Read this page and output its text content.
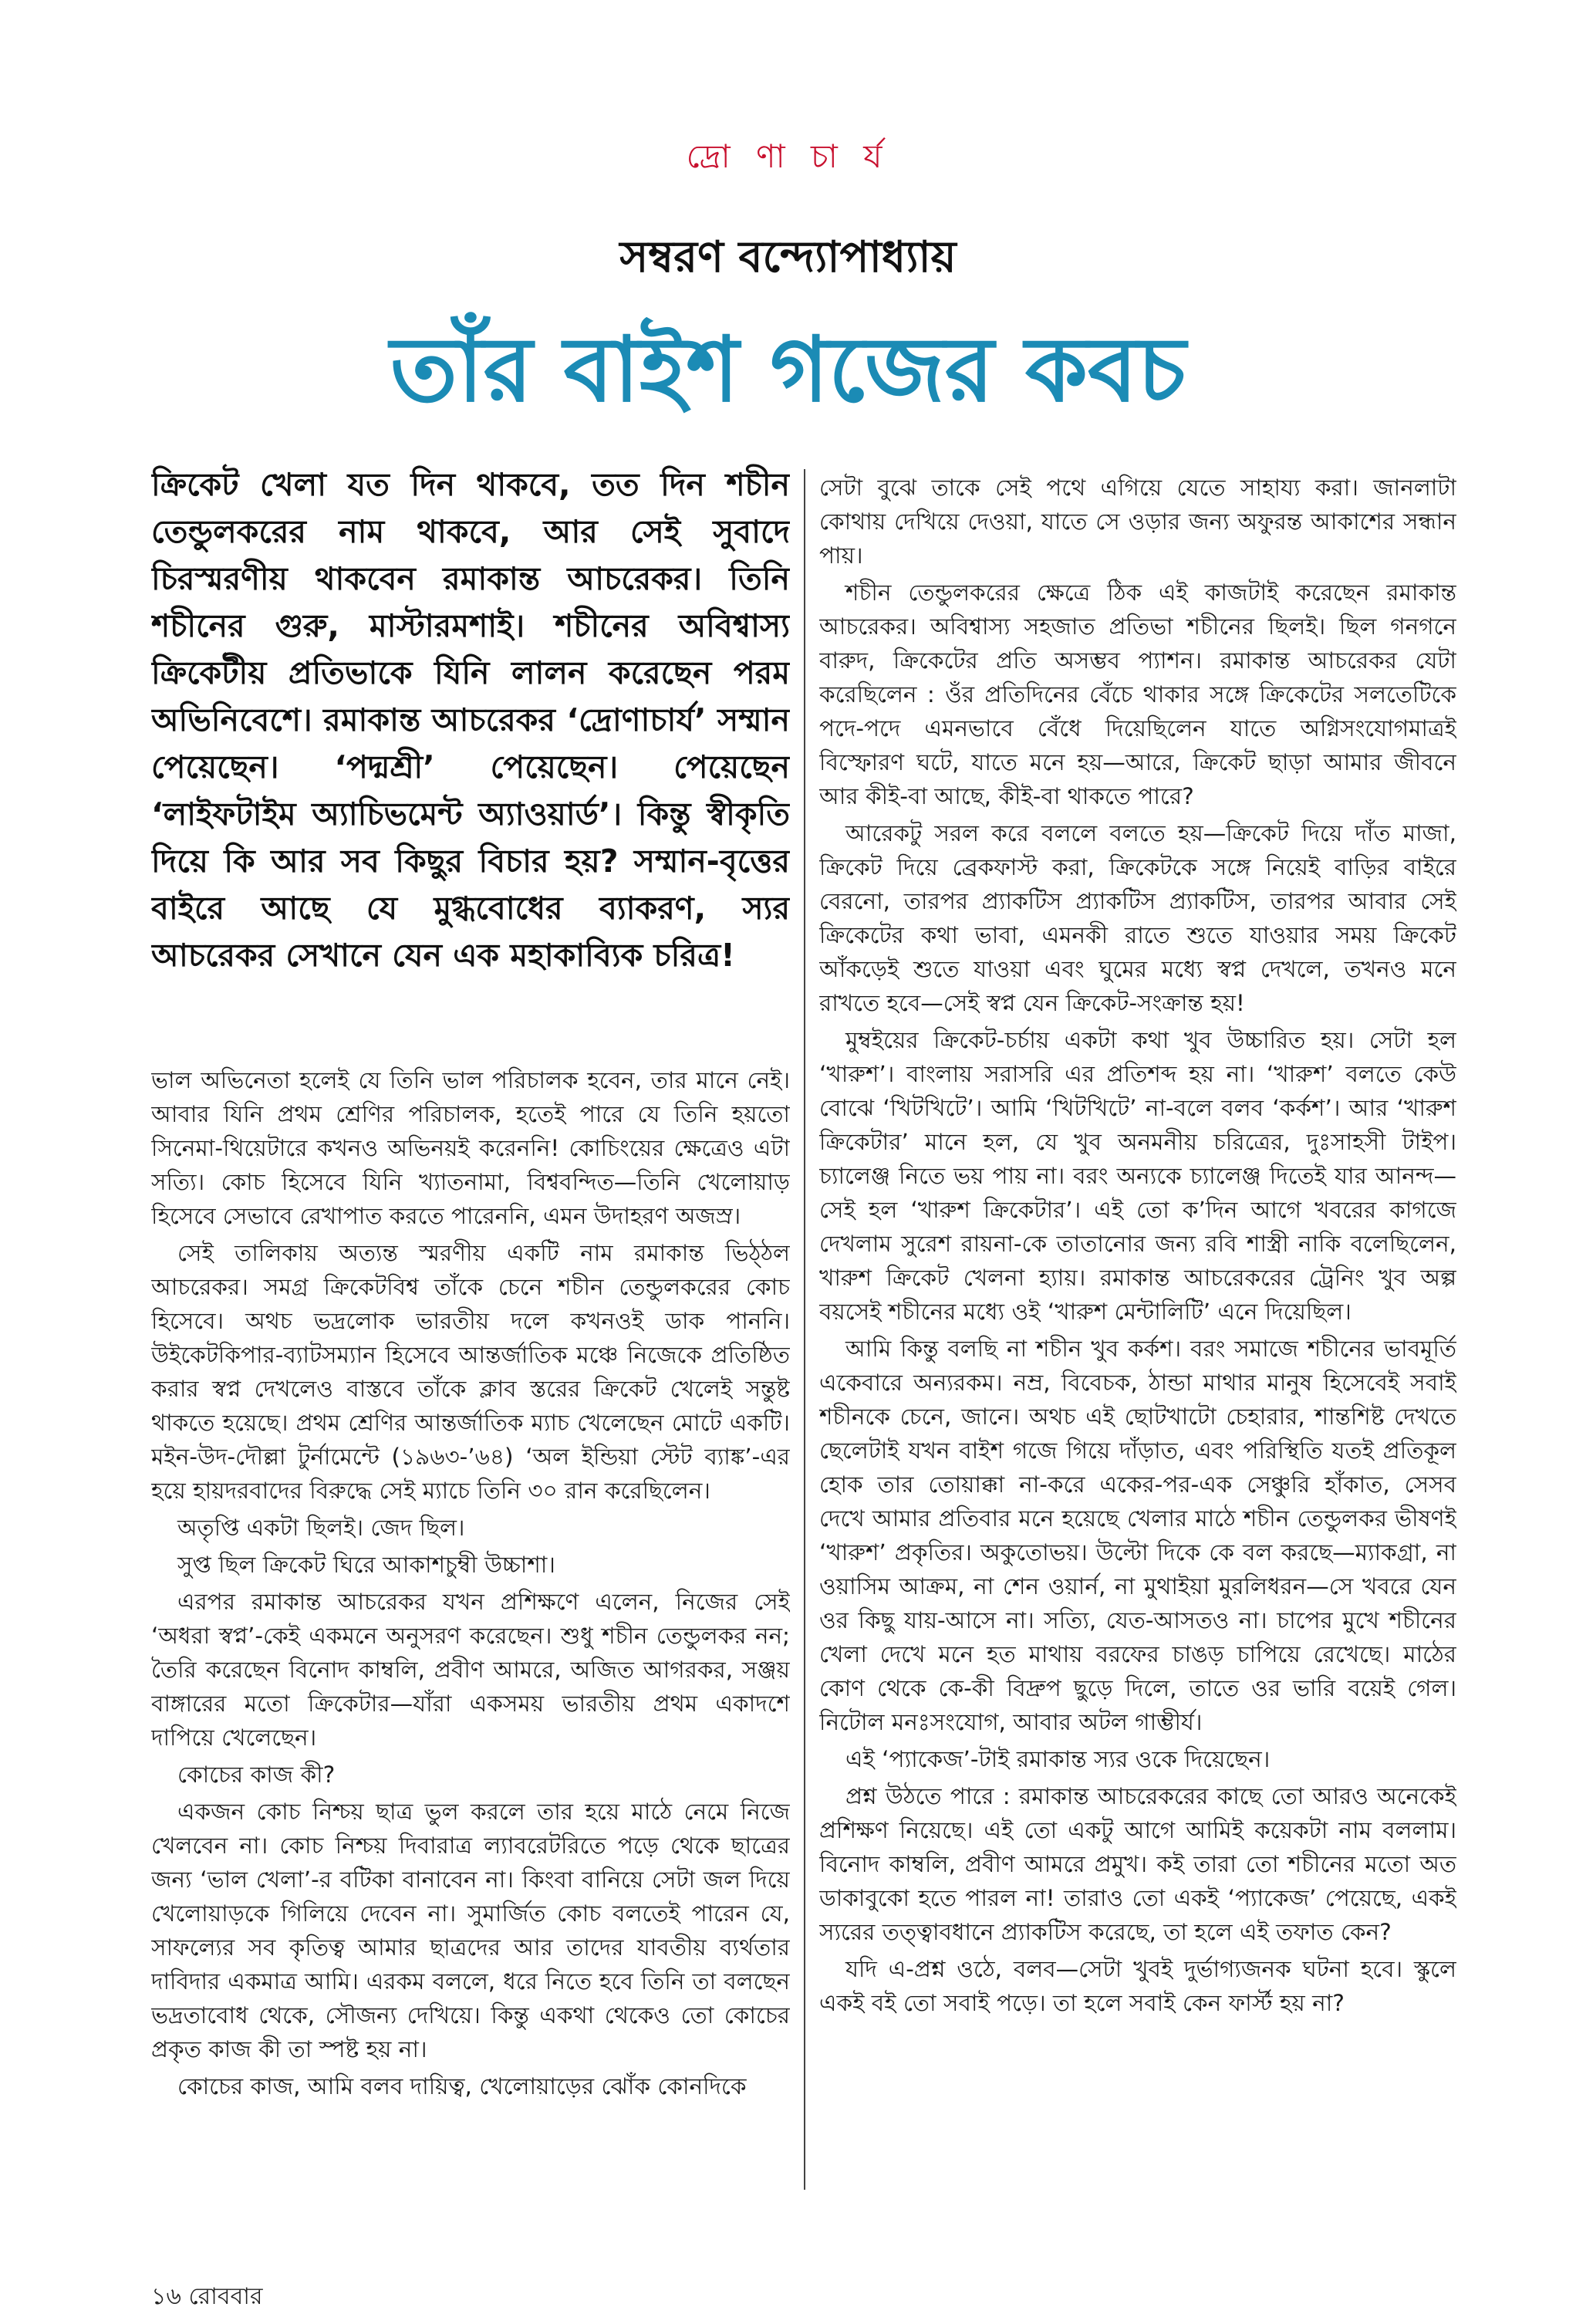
দ্রো ণা চা র্য
সম্বরণ বন্দ্যোপাধ্যায়
তাঁর বাইশ গজের কবচ

ক্রিকেট খেলা যত দিন থাকবে, তত দিন শচীন তেন্ডুলকরের নাম থাকবে, আর সেই সুবাদে চিরস্মরণীয় থাকবেন রমাকান্ত আচরেকর। তিনি শচীনের গুরু, মাস্টারমশাই। শচীনের অবিশ্বাস্য ক্রিকেটীয় প্রতিভাকে যিনি লালন করেছেন পরম অভিনিবেশে। রমাকান্ত আচরেকর ‘দ্রোণাচার্য’ সম্মান পেয়েছেন। ‘পদ্মশ্রী’ পেয়েছেন। পেয়েছেন ‘লাইফটাইম অ্যাচিভমেন্ট অ্যাওয়ার্ড’। কিন্তু স্বীকৃতি দিয়ে কি আর সব কিছুর বিচার হয়? সম্মান-বৃত্তের বাইরে আছে যে মুগ্ধবোধের ব্যাকরণ, স্যর আচরেকর সেখানে যেন এক মহাকাব্যিক চরিত্র!

ভাল অভিনেতা হলেই যে তিনি ভাল পরিচালক হবেন, তার মানে নেই। আবার যিনি প্রথম শ্রেণির পরিচালক, হতেই পারে যে তিনি হয়তো সিনেমা-থিয়েটারে কখনও অভিনয়ই করেননি! কোচিংয়ের ক্ষেত্রেও এটা সত্যি। কোচ হিসেবে যিনি খ্যাতনামা, বিশ্ববন্দিত—তিনি খেলোয়াড় হিসেবে সেভাবে রেখাপাত করতে পারেননি, এমন উদাহরণ অজস্র।

সেই তালিকায় অত্যন্ত স্মরণীয় একটি নাম রমাকান্ত ভিঠ্‌ঠল আচরেকর। সমগ্র ক্রিকেটবিশ্ব তাঁকে চেনে শচীন তেন্ডুলকরের কোচ হিসেবে। অথচ ভদ্রলোক ভারতীয় দলে কখনওই ডাক পাননি। উইকেটকিপার-ব্যাটসম্যান হিসেবে আন্তর্জাতিক মঞ্চে নিজেকে প্রতিষ্ঠিত করার স্বপ্ন দেখলেও বাস্তবে তাঁকে ক্লাব স্তরের ক্রিকেট খেলেই সন্তুষ্ট থাকতে হয়েছে। প্রথম শ্রেণির আন্তর্জাতিক ম্যাচ খেলেছেন মোটে একটি। মইন-উদ-দৌল্লা টুর্নামেন্টে (১৯৬৩-’৬৪) ‘অল ইন্ডিয়া স্টেট ব্যাঙ্ক’-এর হয়ে হায়দরবাদের বিরুদ্ধে সেই ম্যাচে তিনি ৩০ রান করেছিলেন।

অতৃপ্তি একটা ছিলই। জেদ ছিল।

সুপ্ত ছিল ক্রিকেট ঘিরে আকাশচুম্বী উচ্চাশা।

এরপর রমাকান্ত আচরেকর যখন প্রশিক্ষণে এলেন, নিজের সেই ‘অধরা স্বপ্ন’-কেই একমনে অনুসরণ করেছেন। শুধু শচীন তেন্ডুলকর নন; তৈরি করেছেন বিনোদ কাম্বলি, প্রবীণ আমরে, অজিত আগরকর, সঞ্জয় বাঙ্গারের মতো ক্রিকেটার—যাঁরা একসময় ভারতীয় প্রথম একাদশে দাপিয়ে খেলেছেন।

কোচের কাজ কী?

একজন কোচ নিশ্চয় ছাত্র ভুল করলে তার হয়ে মাঠে নেমে নিজে খেলবেন না। কোচ নিশ্চয় দিবারাত্র ল্যাবরেটরিতে পড়ে থেকে ছাত্রের জন্য ‘ভাল খেলা’-র বটিকা বানাবেন না। কিংবা বানিয়ে সেটা জল দিয়ে খেলোয়াড়কে গিলিয়ে দেবেন না। সুমার্জিত কোচ বলতেই পারেন যে, সাফল্যের সব কৃতিত্ব আমার ছাত্রদের আর তাদের যাবতীয় ব্যর্থতার দাবিদার একমাত্র আমি। এরকম বললে, ধরে নিতে হবে তিনি তা বলছেন ভদ্রতাবোধ থেকে, সৌজন্য দেখিয়ে। কিন্তু একথা থেকেও তো কোচের প্রকৃত কাজ কী তা স্পষ্ট হয় না।

কোচের কাজ, আমি বলব দায়িত্ব, খেলোয়াড়ের ঝোঁক কোনদিকে

সেটা বুঝে তাকে সেই পথে এগিয়ে যেতে সাহায্য করা। জানলাটা কোথায় দেখিয়ে দেওয়া, যাতে সে ওড়ার জন্য অফুরন্ত আকাশের সন্ধান পায়।

শচীন তেন্ডুলকরের ক্ষেত্রে ঠিক এই কাজটাই করেছেন রমাকান্ত আচরেকর। অবিশ্বাস্য সহজাত প্রতিভা শচীনের ছিলই। ছিল গনগনে বারুদ, ক্রিকেটের প্রতি অসম্ভব প্যাশন। রমাকান্ত আচরেকর যেটা করেছিলেন : ওঁর প্রতিদিনের বেঁচে থাকার সঙ্গে ক্রিকেটের সলতেটিকে পদে-পদে এমনভাবে বেঁধে দিয়েছিলেন যাতে অগ্নিসংযোগমাত্রই বিস্ফোরণ ঘটে, যাতে মনে হয়—আরে, ক্রিকেট ছাড়া আমার জীবনে আর কীই-বা আছে, কীই-বা থাকতে পারে?

আরেকটু সরল করে বললে বলতে হয়—ক্রিকেট দিয়ে দাঁত মাজা, ক্রিকেট দিয়ে ব্রেকফাস্ট করা, ক্রিকেটকে সঙ্গে নিয়েই বাড়ির বাইরে বেরনো, তারপর প্র্যাকটিস প্র্যাকটিস প্র্যাকটিস, তারপর আবার সেই ক্রিকেটের কথা ভাবা, এমনকী রাতে শুতে যাওয়ার সময় ক্রিকেট আঁকড়েই শুতে যাওয়া এবং ঘুমের মধ্যে স্বপ্ন দেখলে, তখনও মনে রাখতে হবে—সেই স্বপ্ন যেন ক্রিকেট-সংক্রান্ত হয়!

মুম্বইয়ের ক্রিকেট-চর্চায় একটা কথা খুব উচ্চারিত হয়। সেটা হল ‘খারুশ’। বাংলায় সরাসরি এর প্রতিশব্দ হয় না। ‘খারুশ’ বলতে কেউ বোঝে ‘খিটখিটে’। আমি ‘খিটখিটে’ না-বলে বলব ‘কর্কশ’। আর ‘খারুশ ক্রিকেটার’ মানে হল, যে খুব অনমনীয় চরিত্রের, দুঃসাহসী টাইপ। চ্যালেঞ্জ নিতে ভয় পায় না। বরং অন্যকে চ্যালেঞ্জ দিতেই যার আনন্দ—সেই হল ‘খারুশ ক্রিকেটার’। এই তো ক’দিন আগে খবরের কাগজে দেখলাম সুরেশ রায়না-কে তাতানোর জন্য রবি শাস্ত্রী নাকি বলেছিলেন, খারুশ ক্রিকেট খেলনা হ্যায়। রমাকান্ত আচরেকরের ট্রেনিং খুব অল্প বয়সেই শচীনের মধ্যে ওই ‘খারুশ মেন্টালিটি’ এনে দিয়েছিল।

আমি কিন্তু বলছি না শচীন খুব কর্কশ। বরং সমাজে শচীনের ভাবমূর্তি একেবারে অন্যরকম। নম্র, বিবেচক, ঠান্ডা মাথার মানুষ হিসেবেই সবাই শচীনকে চেনে, জানে। অথচ এই ছোটখাটো চেহারার, শান্তশিষ্ট দেখতে ছেলেটাই যখন বাইশ গজে গিয়ে দাঁড়াত, এবং পরিস্থিতি যতই প্রতিকূল হোক তার তোয়াক্কা না-করে একের-পর-এক সেঞ্চুরি হাঁকাত, সেসব দেখে আমার প্রতিবার মনে হয়েছে খেলার মাঠে শচীন তেন্ডুলকর ভীষণই ‘খারুশ’ প্রকৃতির। অকুতোভয়। উল্টো দিকে কে বল করছে—ম্যাকগ্রা, না ওয়াসিম আক্রম, না শেন ওয়ার্ন, না মুথাইয়া মুরলিধরন—সে খবরে যেন ওর কিছু যায়-আসে না। সত্যি, যেত-আসতও না। চাপের মুখে শচীনের খেলা দেখে মনে হত মাথায় বরফের চাঙড় চাপিয়ে রেখেছে। মাঠের কোণ থেকে কে-কী বিদ্রুপ ছুড়ে দিলে, তাতে ওর ভারি বয়েই গেল। নিটোল মনঃসংযোগ, আবার অটল গাম্ভীর্য।

এই ‘প্যাকেজ’-টাই রমাকান্ত স্যর ওকে দিয়েছেন।

প্রশ্ন উঠতে পারে : রমাকান্ত আচরেকরের কাছে তো আরও অনেকেই প্রশিক্ষণ নিয়েছে। এই তো একটু আগে আমিই কয়েকটা নাম বললাম। বিনোদ কাম্বলি, প্রবীণ আমরে প্রমুখ। কই তারা তো শচীনের মতো অত ডাকাবুকো হতে পারল না! তারাও তো একই ‘প্যাকেজ’ পেয়েছে, একই স্যরের তত্ত্বাবধানে প্র্যাকটিস করেছে, তা হলে এই তফাত কেন?

যদি এ-প্রশ্ন ওঠে, বলব—সেটা খুবই দুর্ভাগ্যজনক ঘটনা হবে। স্কুলে একই বই তো সবাই পড়ে। তা হলে সবাই কেন ফার্স্ট হয় না?

১৬ রোববার
